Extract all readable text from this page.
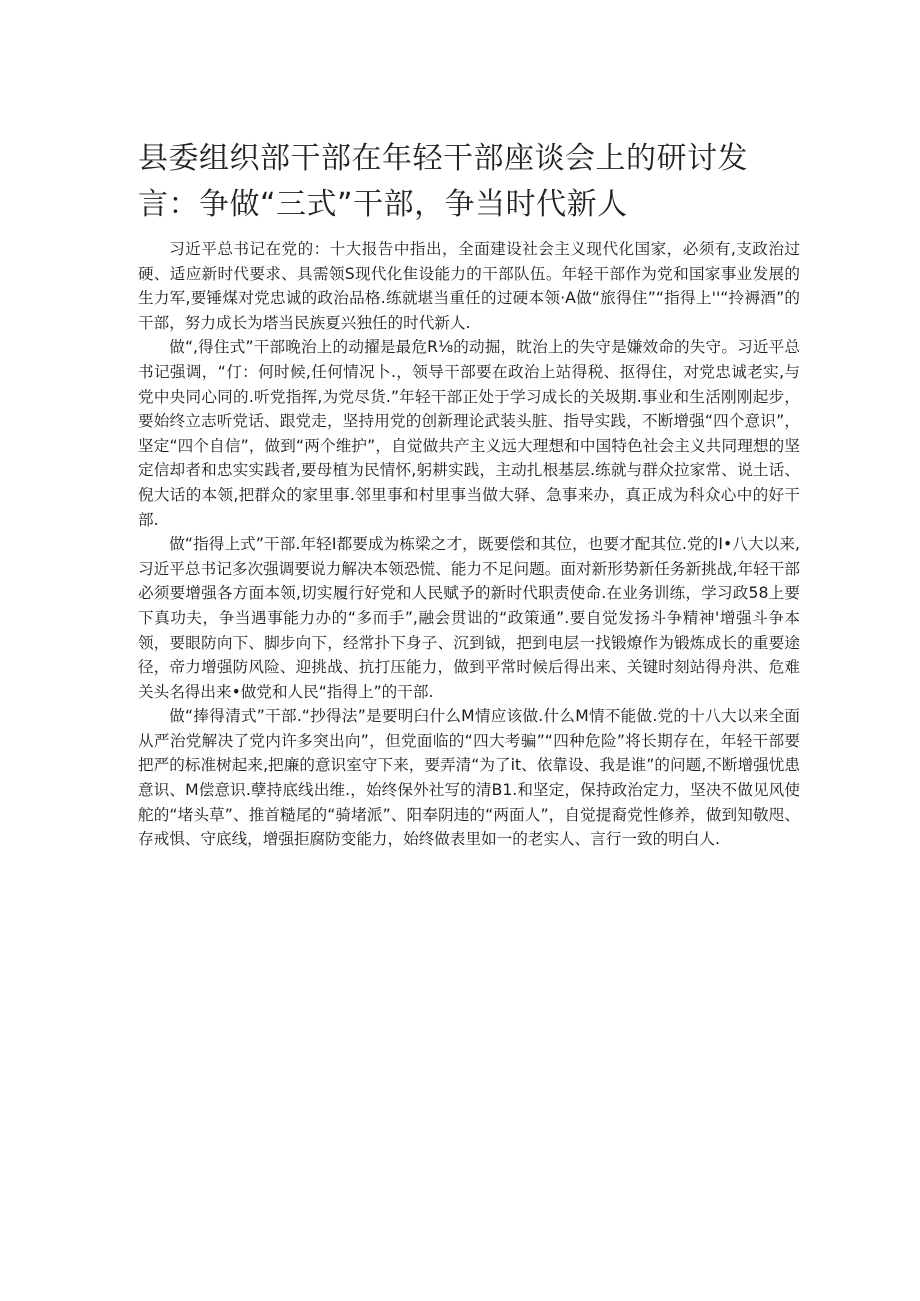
县委组织部干部在年轻干部座谈会上的研讨发言：争做“三式”干部，争当时代新人

习近平总书记在党的：十大报告中指出，全面建设社会主义现代化国家，必须有,支政治过硬、适应新时代要求、具需领S现代化隹设能力的干部队伍。年轻干部作为党和国家事业发展的生力军,要锤煤对党忠诚的政治品格.练就堪当重任的过硬本领·A做“旅得住”“指得上''“拎褥酒”的干部，努力成长为塔当民族夏兴独任的时代新人.

做“,得住式”干部晚治上的动擢是最危R⅛的动掘，眈治上的失守是嫌效命的失守。习近平总书记强调，“仃：何时候,任何情况卜.，领导干部要在政治上站得税、抠得住，对党忠诚老实,与党中央同心同的.听党指挥,为党尽货.”年轻干部正处于学习成长的关圾期.事业和生活刚刚起步，要始终立志听党话、跟党走，坚持用党的创新理论武装头脏、指导实践，不断增强“四个意识”，坚定“四个自信”，做到“两个维护”，自觉做共产主义远大理想和中国特色社会主义共同理想的坚定信却者和忠实实践者,要母植为民情怀,躬耕实践，主动扎根基层.练就与群众拉家常、说土话、倪大话的本领,把群众的家里事.邻里事和村里事当做大驿、急事来办，真正成为科众心中的好干部.

做“指得上式”干部.年轻I都要成为栋梁之才，既要偿和其位，也要才配其位.党的I•八大以来,习近平总书记多次强调要说力解决本领恐慌、能力不足问题。面对新形势新任务新挑战,年轻干部必须要增强各方面本领,切实履行好党和人民赋予的新时代职责使命.在业务训练，学习政58上要下真功夫，争当遇事能力办的“多而手”,融会贯诎的“政策通”.要自觉发扬斗争精神'增强斗争本领，要眼防向下、脚步向下，经常扑下身子、沉到钺，把到电层一找锻燎作为锻炼成长的重要途径，帝力增强防风险、迎挑战、抗打压能力，做到平常时候后得出来、关键时刻站得舟洪、危难关头名得出来•做党和人民“指得上”的干部.

做“捧得清式”干部.“抄得法”是要明臼什么M情应该做.什么M情不能做.党的十八大以来全面从严治党解决了党内许多突出向”，但党面临的“四大考骗”“四种危险”将长期存在，年轻干部要把严的标准树起来,把廉的意识室守下来，要弄清“为了it、依靠设、我是谁”的问题,不断增强忧患意识、M偿意识.孽持底线出维.，始终保外社写的清B1.和坚定，保持政治定力，坚决不做见风使舵的“堵头草”、推首糙尾的“骑堵派”、阳奉阴违的“两面人”，自觉提裔党性修养，做到知敬咫、存戒惧、守底线，增强拒腐防变能力，始终做表里如一的老实人、言行一致的明白人.
